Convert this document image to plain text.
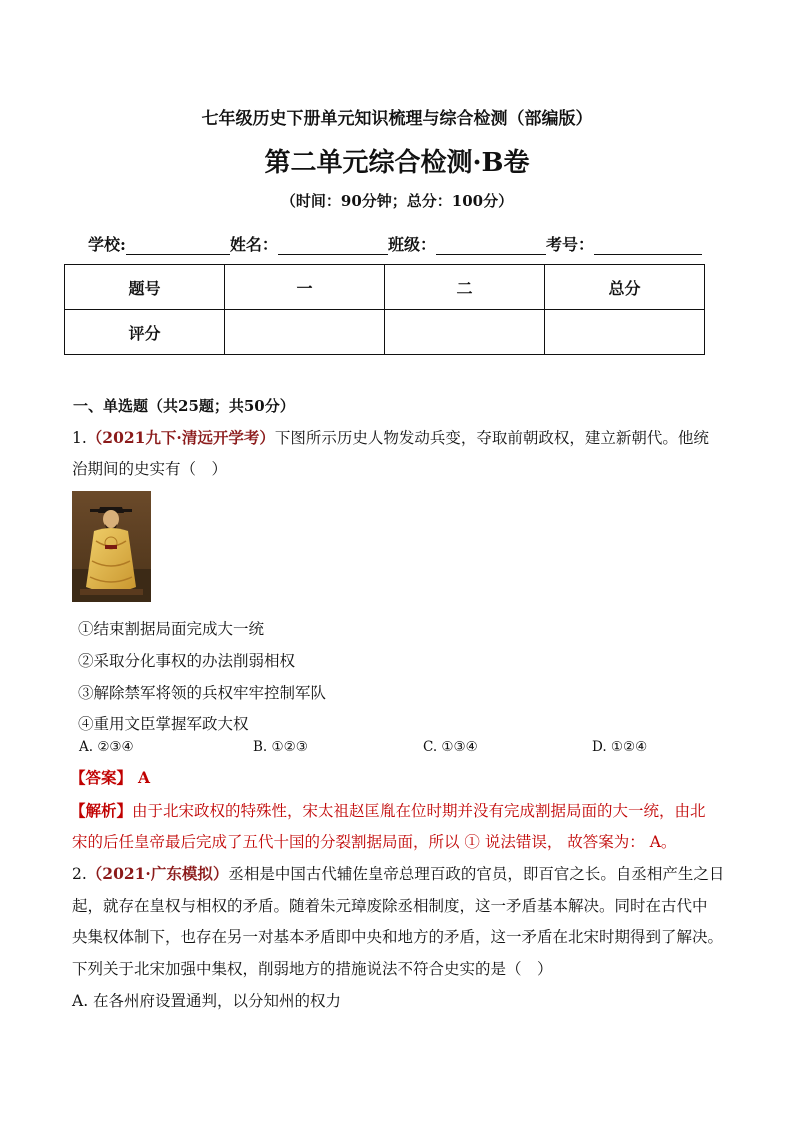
七年级历史下册单元知识梳理与综合检测（部编版）
第二单元综合检测·B卷
（时间：90分钟；总分：100分）
学校:	姓名：	班级：	考号：
题号	一	二	总分
评分			
一、单选题（共25题；共50分）
1.（2021九下·清远开学考）下图所示历史人物发动兵变，夺取前朝政权，建立新朝代。他统
治期间的史实有（　）
①结束割据局面完成大一统
②采取分化事权的办法削弱相权
③解除禁军将领的兵权牢牢控制军队
④重用文臣掌握军政大权
A. ②③④	B. ①②③	C. ①③④	D. ①②④
【答案】 A
【解析】由于北宋政权的特殊性，宋太祖赵匡胤在位时期并没有完成割据局面的大一统，由北
宋的后任皇帝最后完成了五代十国的分裂割据局面，所以 ① 说法错误， 故答案为： A。
2.（2021·广东模拟）丞相是中国古代辅佐皇帝总理百政的官员，即百官之长。自丞相产生之日
起，就存在皇权与相权的矛盾。随着朱元璋废除丞相制度，这一矛盾基本解决。同时在古代中
央集权体制下，也存在另一对基本矛盾即中央和地方的矛盾，这一矛盾在北宋时期得到了解决。
下列关于北宋加强中集权，削弱地方的措施说法不符合史实的是（　）
A. 在各州府设置通判，以分知州的权力
